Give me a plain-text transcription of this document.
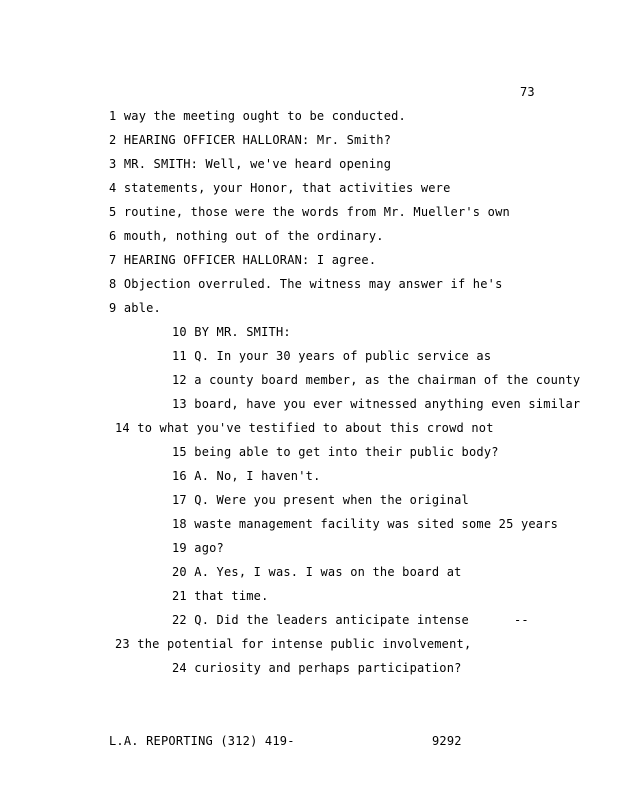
73
1 way the meeting ought to be conducted.
2 HEARING OFFICER HALLORAN: Mr. Smith?
3 MR. SMITH: Well, we've heard opening
4 statements, your Honor, that activities were
5 routine, those were the words from Mr. Mueller's own
6 mouth, nothing out of the ordinary.
7 HEARING OFFICER HALLORAN: I agree.
8 Objection overruled. The witness may answer if he's
9 able.
10 BY MR. SMITH:
11 Q. In your 30 years of public service as
12 a county board member, as the chairman of the county
13 board, have you ever witnessed anything even similar
14 to what you've testified to about this crowd not
15 being able to get into their public body?
16 A. No, I haven't.
17 Q. Were you present when the original
18 waste management facility was sited some 25 years
19 ago?
20 A. Yes, I was. I was on the board at
21 that time.
22 Q. Did the leaders anticipate intense	--
23 the potential for intense public involvement,
24 curiosity and perhaps participation?
L.A. REPORTING (312) 419-	9292
